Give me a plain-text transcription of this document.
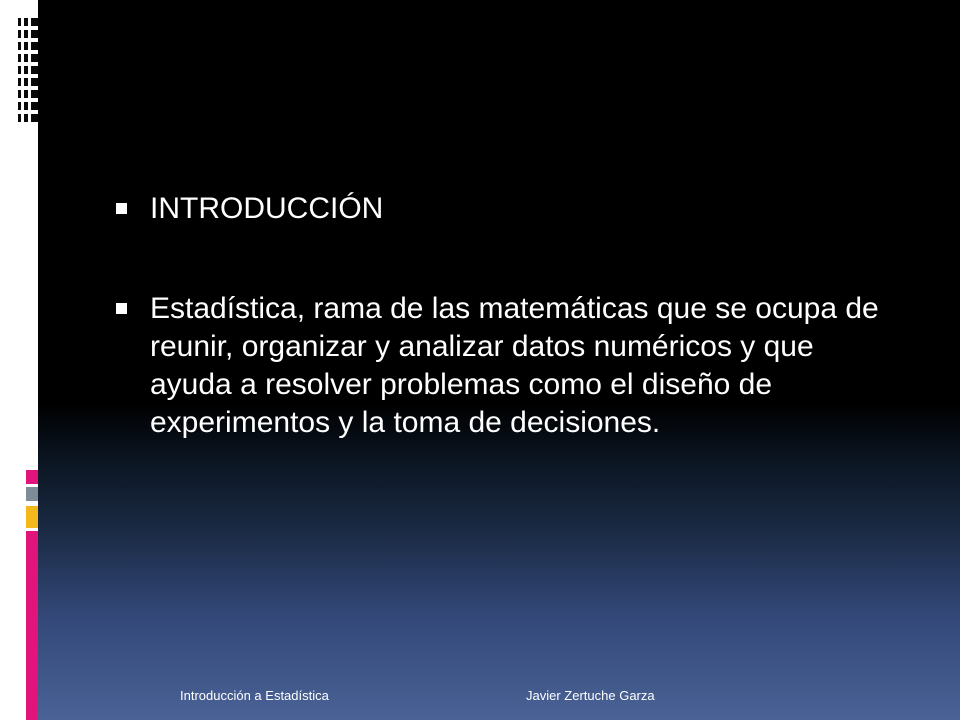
INTRODUCCIÓN
Estadística, rama de las matemáticas que se ocupa de reunir, organizar y analizar datos numéricos y que ayuda a resolver problemas como el diseño de experimentos y la toma de decisiones.
Introducción a Estadística	Javier Zertuche Garza
